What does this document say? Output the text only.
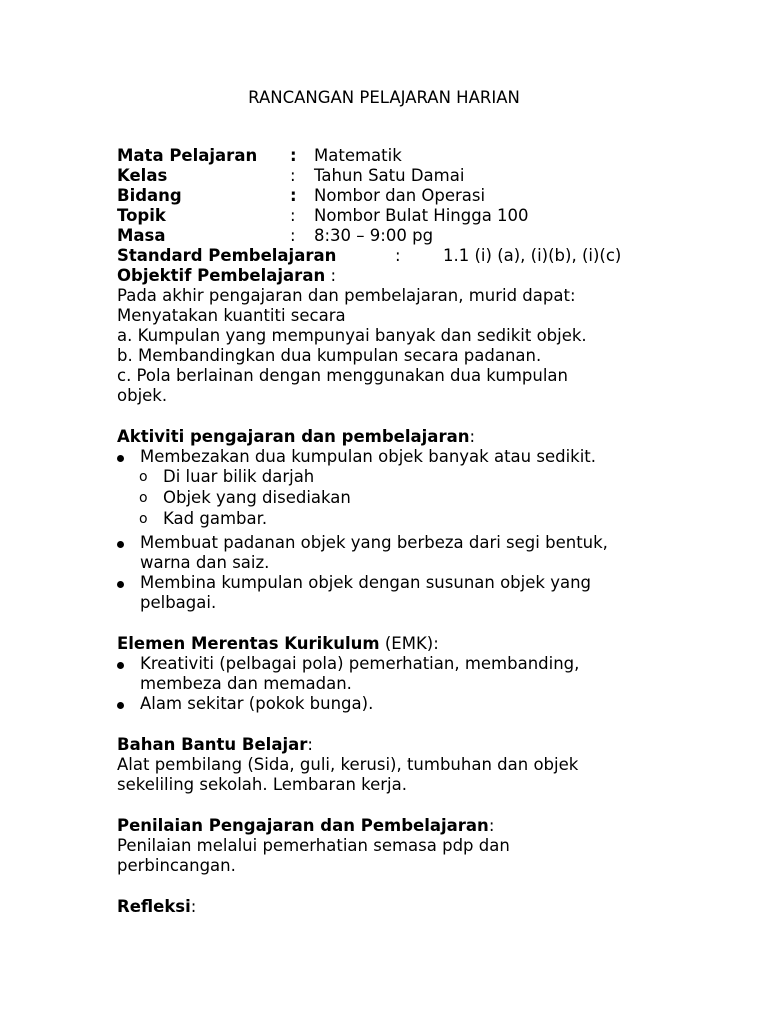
RANCANGAN PELAJARAN HARIAN
Mata Pelajaran : Matematik
Kelas	: Tahun Satu Damai
Bidang	: Nombor dan Operasi
Topik	: Nombor Bulat Hingga 100
Masa	: 8:30 – 9:00 pg
Standard Pembelajaran	:	1.1 (i) (a), (i)(b), (i)(c)
Objektif Pembelajaran :
Pada akhir pengajaran dan pembelajaran, murid dapat:
Menyatakan kuantiti secara
a. Kumpulan yang mempunyai banyak dan sedikit objek.
b. Membandingkan dua kumpulan secara padanan.
c. Pola berlainan dengan menggunakan dua kumpulan
objek.
Aktiviti pengajaran dan pembelajaran:
Membezakan dua kumpulan objek banyak atau sedikit.
o Di luar bilik darjah
o Objek yang disediakan
o Kad gambar.
Membuat padanan objek yang berbeza dari segi bentuk,
warna dan saiz.
Membina kumpulan objek dengan susunan objek yang
pelbagai.
Elemen Merentas Kurikulum (EMK):
Kreativiti (pelbagai pola) pemerhatian, membanding,
membeza dan memadan.
Alam sekitar (pokok bunga).
Bahan Bantu Belajar:
Alat pembilang (Sida, guli, kerusi), tumbuhan dan objek
sekeliling sekolah. Lembaran kerja.
Penilaian Pengajaran dan Pembelajaran:
Penilaian melalui pemerhatian semasa pdp dan
perbincangan.
Refleksi:
